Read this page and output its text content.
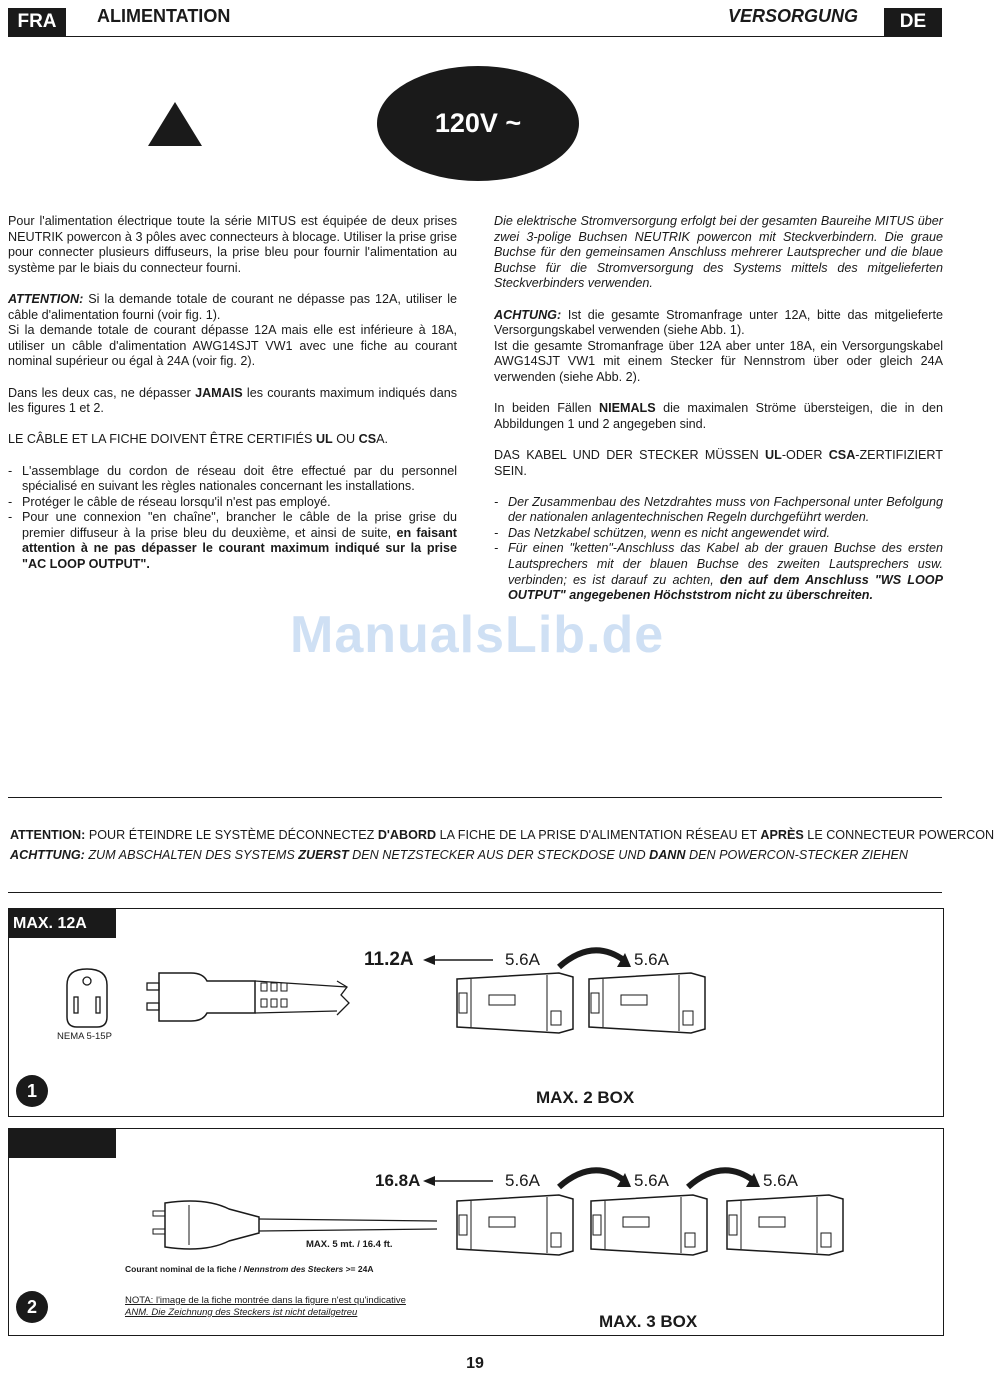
FRA	ALIMENTATION	VERSORGUNG	DE
120V ~

Pour l'alimentation électrique toute la série MITUS est équipée de deux prises NEUTRIK powercon à 3 pôles avec connecteurs à blocage. Utiliser la prise grise pour connecter plusieurs diffuseurs, la prise bleu pour fournir l'alimentation au système par le biais du connecteur fourni.

ATTENTION: Si la demande totale de courant ne dépasse pas 12A, utiliser le câble d'alimentation fourni (voir fig. 1).

Si la demande totale de courant dépasse 12A mais elle est inférieure à 18A, utiliser un câble d'alimentation AWG14SJT VW1 avec une fiche au courant nominal supérieur ou égal à 24A (voir fig. 2).

Dans les deux cas, ne dépasser JAMAIS les courants maximum indiqués dans les figures 1 et 2.

LE CÂBLE ET LA FICHE DOIVENT ÊTRE CERTIFIÉS UL OU CSA.

- L'assemblage du cordon de réseau doit être effectué par du personnel spécialisé en suivant les règles nationales concernant les installations.
- Protéger le câble de réseau lorsqu'il n'est pas employé.
- Pour une connexion "en chaîne", brancher le câble de la prise grise du premier diffuseur à la prise bleu du deuxième, et ainsi de suite, en faisant attention à ne pas dépasser le courant maximum indiqué sur la prise "AC LOOP OUTPUT".

Die elektrische Stromversorgung erfolgt bei der gesamten Baureihe MITUS über zwei 3-polige Buchsen NEUTRIK powercon mit Steckverbindern. Die graue Buchse für den gemeinsamen Anschluss mehrerer Lautsprecher und die blaue Buchse für die Stromversorgung des Systems mittels des mitgelieferten Steckverbinders verwenden.

ACHTUNG: Ist die gesamte Stromanfrage unter 12A, bitte das mitgelieferte Versorgungskabel verwenden (siehe Abb. 1).

Ist die gesamte Stromanfrage über 12A aber unter 18A, ein Versorgungskabel AWG14SJT VW1 mit einem Stecker für Nennstrom über oder gleich 24A verwenden (siehe Abb. 2).

In beiden Fällen NIEMALS die maximalen Ströme übersteigen, die in den Abbildungen 1 und 2 angegeben sind.

DAS KABEL UND DER STECKER MÜSSEN UL-ODER CSA-ZERTIFIZIERT SEIN.

- Der Zusammenbau des Netzdrahtes muss von Fachpersonal unter Befolgung der nationalen anlagentechnischen Regeln durchgeführt werden.
- Das Netzkabel schützen, wenn es nicht angewendet wird.
- Für einen "ketten"-Anschluss das Kabel ab der grauen Buchse des ersten Lautsprechers mit der blauen Buchse des zweiten Lautsprechers usw. verbinden; es ist darauf zu achten, den auf dem Anschluss "WS LOOP OUTPUT" angegebenen Höchststrom nicht zu überschreiten.
ManualsLib.de
ATTENTION: POUR ÉTEINDRE LE SYSTÈME DÉCONNECTEZ D'ABORD LA FICHE DE LA PRISE D'ALIMENTATION RÉSEAU ET APRÈS LE CONNECTEUR POWERCON
ACHTTUNG: ZUM ABSCHALTEN DES SYSTEMS ZUERST DEN NETZSTECKER AUS DER STECKDOSE UND DANN DEN POWERCON-STECKER ZIEHEN
MAX. 12A
NEMA 5-15P
11.2A	5.6A	5.6A
1	MAX. 2 BOX
MAX. 5 mt. / 16.4 ft.
Courant nominal de la fiche / Nennstrom des Steckers >= 24A
16.8A	5.6A	5.6A	5.6A
2	NOTA: l'image de la fiche montrée dans la figure n'est qu'indicative
ANM. Die Zeichnung des Steckers ist nicht detailgetreu	MAX. 3 BOX
19
